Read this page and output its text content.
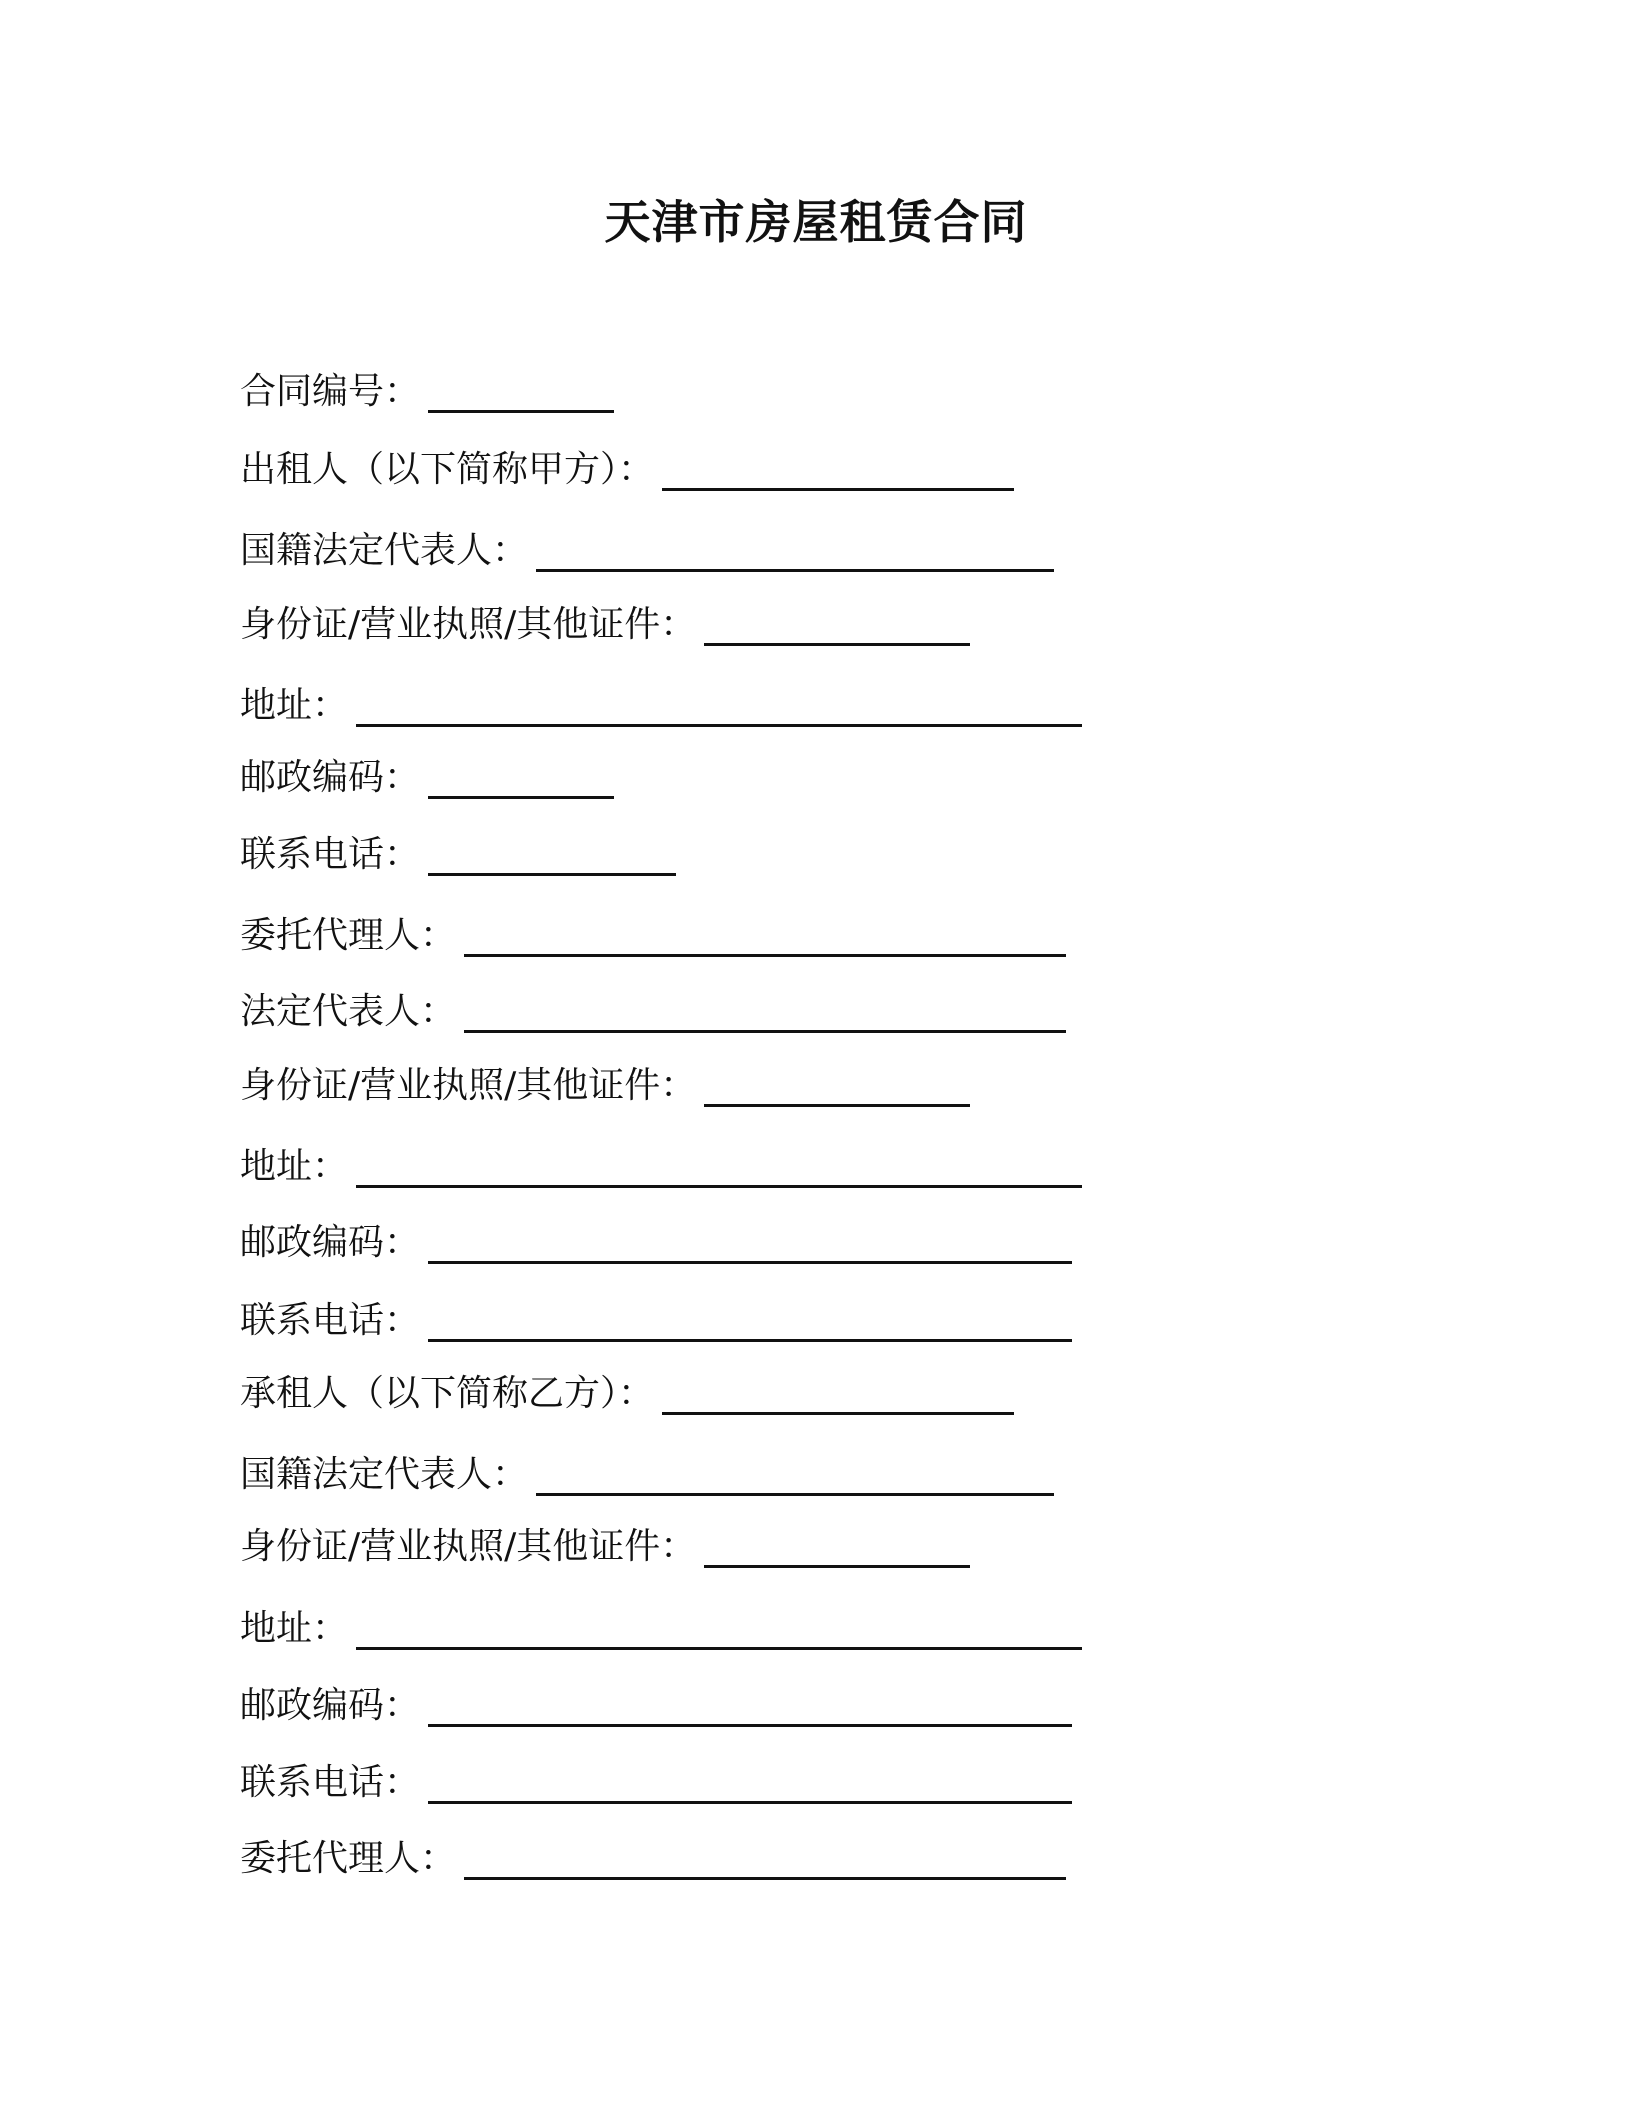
天津市房屋租赁合同
合同编号：
出租人（以下简称甲方）：
国籍法定代表人：
身份证/营业执照/其他证件：
地址：
邮政编码：
联系电话：
委托代理人：
法定代表人：
身份证/营业执照/其他证件：
地址：
邮政编码：
联系电话：
承租人（以下简称乙方）：
国籍法定代表人：
身份证/营业执照/其他证件：
地址：
邮政编码：
联系电话：
委托代理人：
